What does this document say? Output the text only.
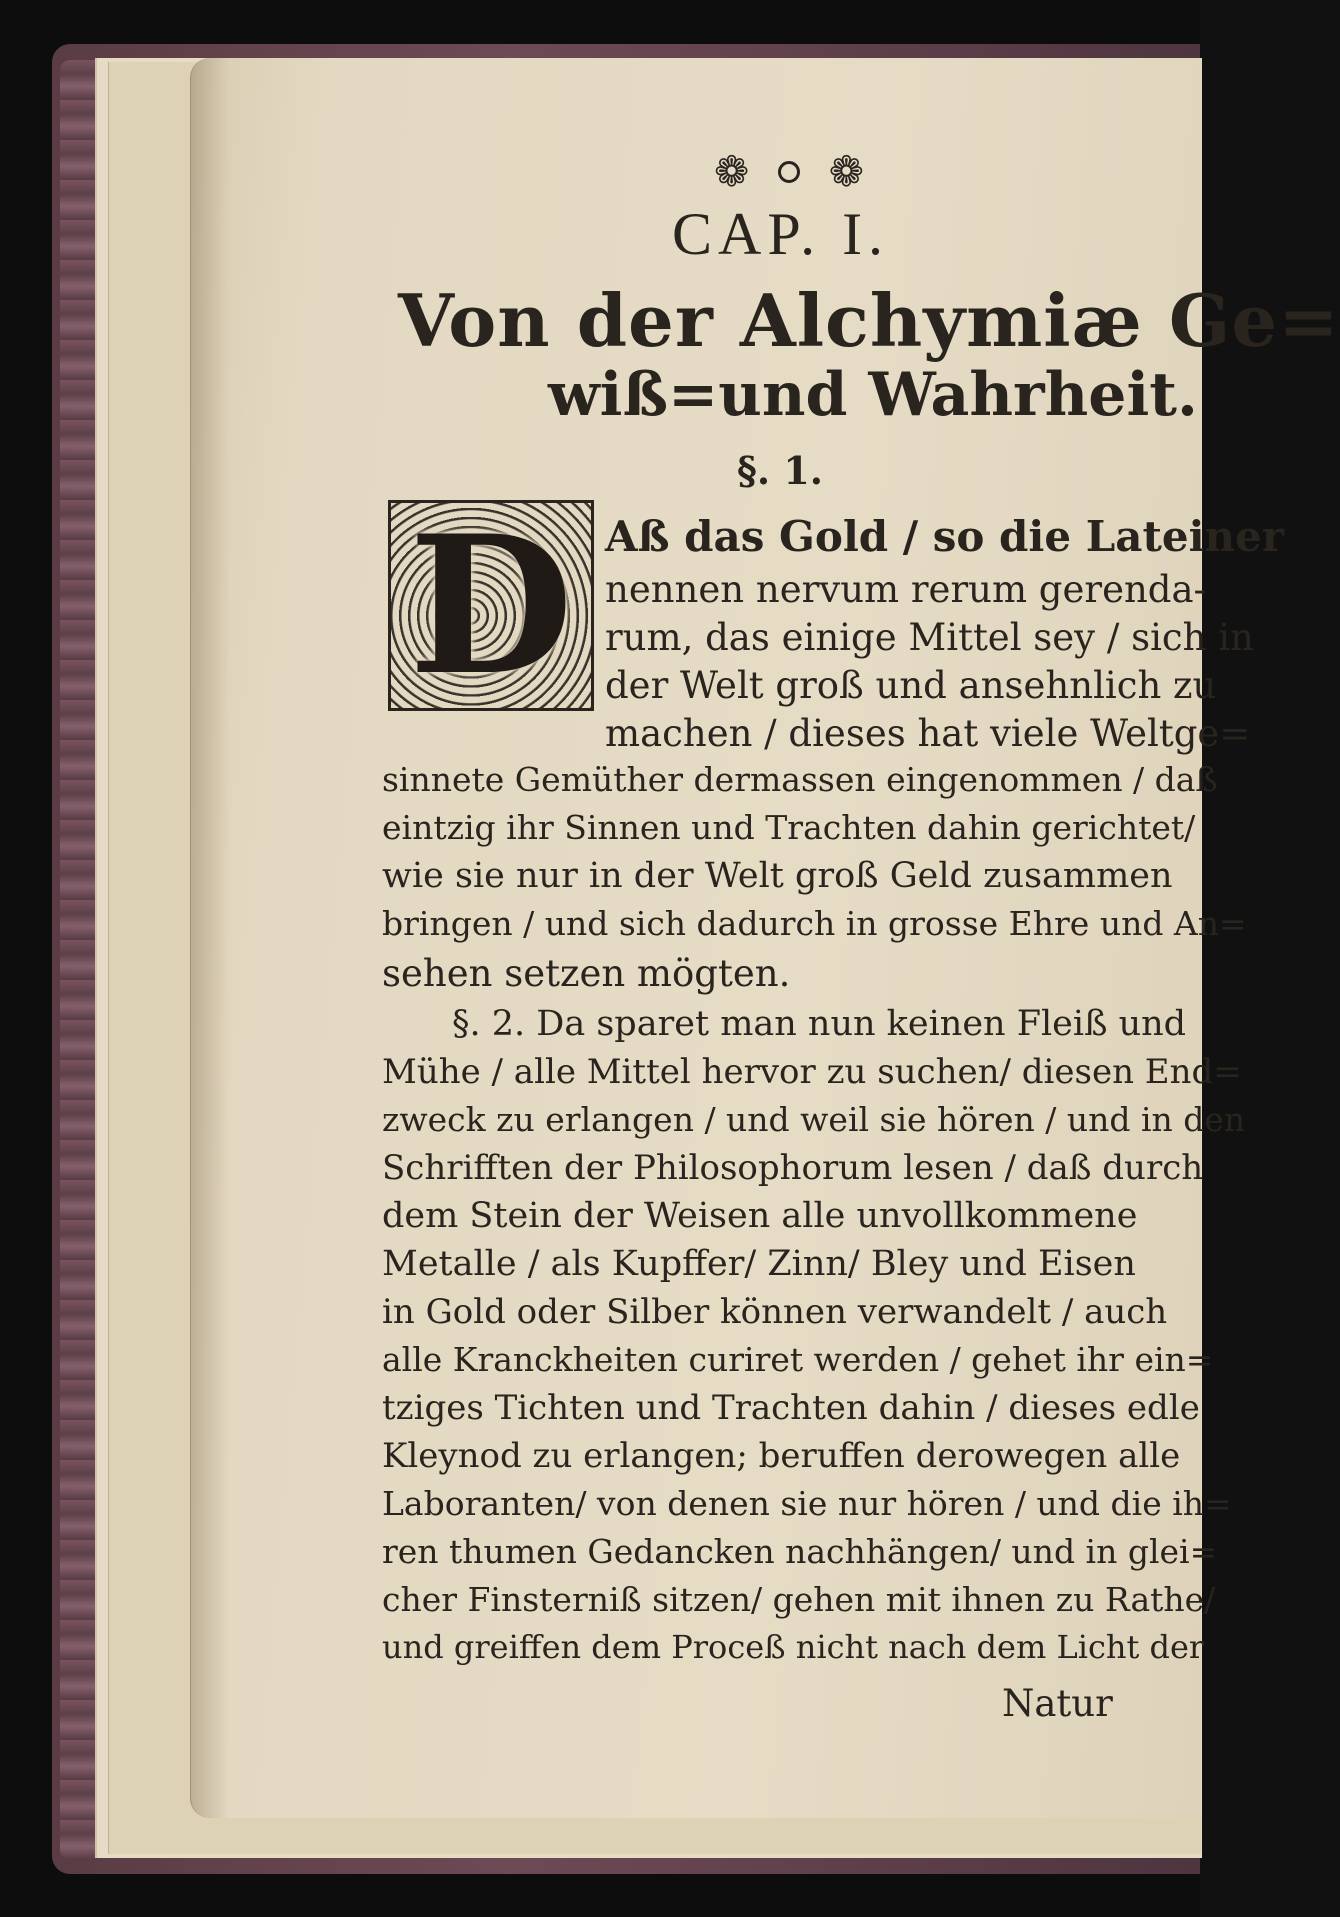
❁ ❁
CAP. I.
Von der Alchymiæ Ge=
wiß=und Wahrheit.
§. 1.
D Aß das Gold / so die Lateiner
nennen nervum rerum gerenda-
rum, das einige Mittel sey / sich in
der Welt groß und ansehnlich zu
machen / dieses hat viele Weltge=
sinnete Gemüther dermassen eingenommen / daß
eintzig ihr Sinnen und Trachten dahin gerichtet/
wie sie nur in der Welt groß Geld zusammen
bringen / und sich dadurch in grosse Ehre und An=
sehen setzen mögten.
§. 2. Da sparet man nun keinen Fleiß und
Mühe / alle Mittel hervor zu suchen/ diesen End=
zweck zu erlangen / und weil sie hören / und in den
Schrifften der Philosophorum lesen / daß durch
dem Stein der Weisen alle unvollkommene
Metalle / als Kupffer/ Zinn/ Bley und Eisen
in Gold oder Silber können verwandelt / auch
alle Kranckheiten curiret werden / gehet ihr ein=
tziges Tichten und Trachten dahin / dieses edle
Kleynod zu erlangen; beruffen derowegen alle
Laboranten/ von denen sie nur hören / und die ih=
ren thumen Gedancken nachhängen/ und in glei=
cher Finsterniß sitzen/ gehen mit ihnen zu Rathe/
und greiffen dem Proceß nicht nach dem Licht der
Natur
